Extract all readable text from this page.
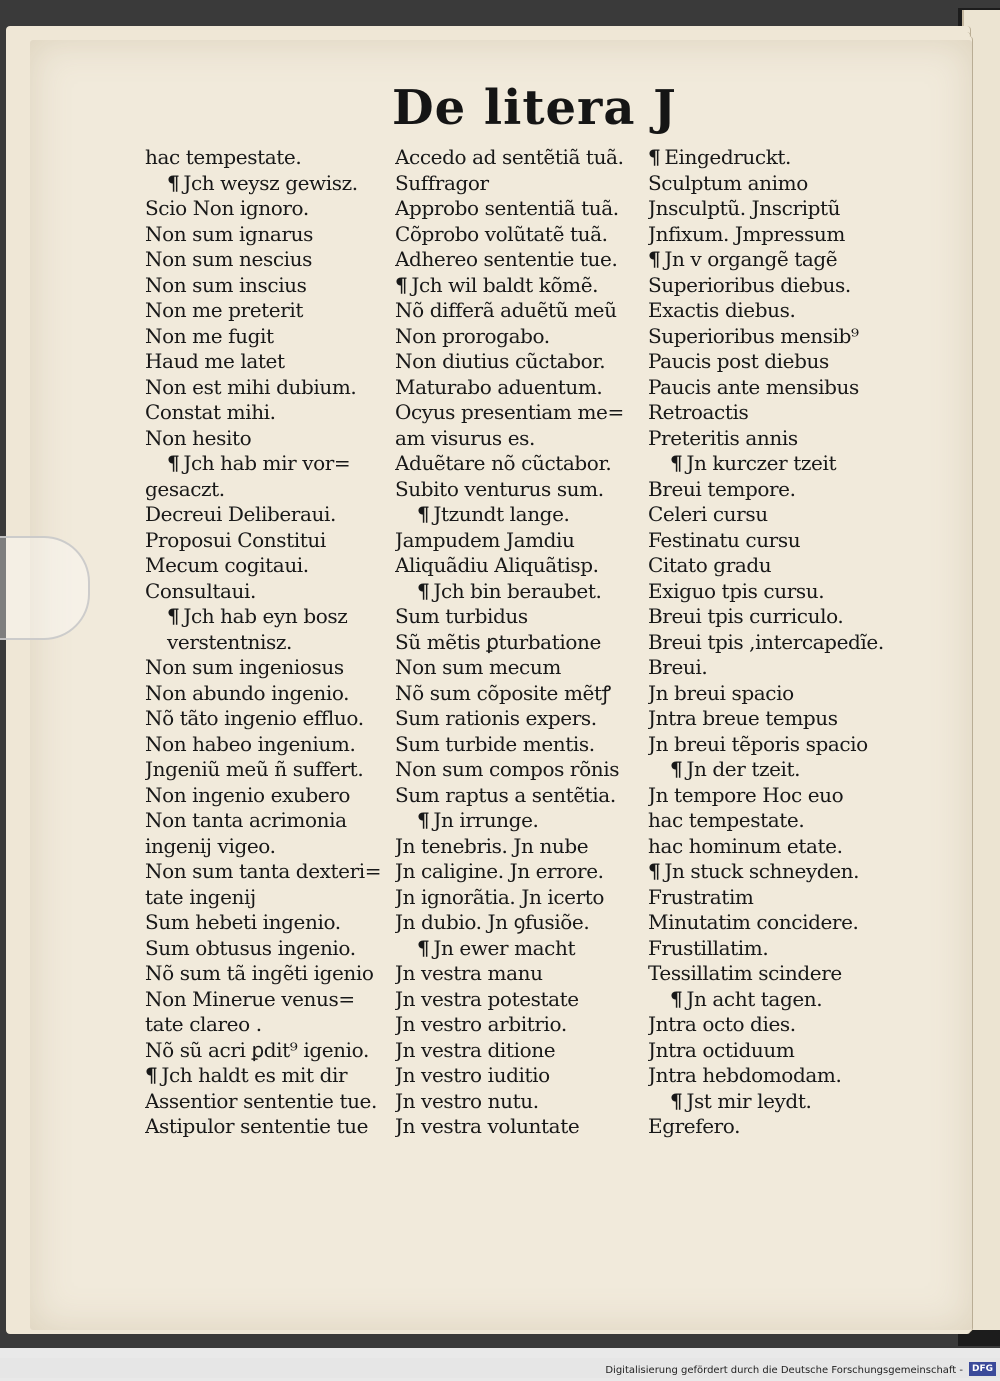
De litera J
hac tempestate.
¶ Jch weysz gewisz.
Scio Non ignoro.
Non sum ignarus
Non sum nescius
Non sum inscius
Non me preterit
Non me fugit
Haud me latet
Non est mihi dubium.
Constat mihi.
Non hesito
¶ Jch hab mir vor=
gesaczt.
Decreui Deliberaui.
Proposui Constitui
Mecum cogitaui.
Consultaui.
¶ Jch hab eyn bosz
verstentnisz.
Non sum ingeniosus
Non abundo ingenio.
Nõ tãto ingenio effluo.
Non habeo ingenium.
Jngeniũ meũ ñ suffert.
Non ingenio exubero
Non tanta acrimonia
ingenij vigeo.
Non sum tanta dexteri=
tate ingenij
Sum hebeti ingenio.
Sum obtusus ingenio.
Nõ sum tã ingẽti igenio
Non Minerue venus=
tate clareo .
Nõ sũ acri ꝑdit⁹ igenio.
¶ Jch haldt es mit dir
Assentior sententie tue.
Astipulor sententie tue
Accedo ad sentẽtiã tuã.
Suffragor
Approbo sententiã tuã.
Cõprobo volũtatẽ tuã.
Adhereo sententie tue.
¶ Jch wil baldt kõmẽ.
Nõ differã aduẽtũ meũ
Non prorogabo.
Non diutius cũctabor.
Maturabo aduentum.
Ocyus presentiam me=
am visurus es.
Aduẽtare nõ cũctabor.
Subito venturus sum.
¶ Jtzundt lange.
Jampudem Jamdiu
Aliquãdiu Aliquãtisp.
¶ Jch bin beraubet.
Sum turbidus
Sũ mẽtis ꝑturbatione
Non sum mecum
Nõ sum cõposite mẽtꝭ
Sum rationis expers.
Sum turbide mentis.
Non sum compos rõnis
Sum raptus a sentẽtia.
¶ Jn irrunge.
Jn tenebris. Jn nube
Jn caligine. Jn errore.
Jn ignorãtia. Jn icerto
Jn dubio. Jn ꝯfusiõe.
¶ Jn ewer macht
Jn vestra manu
Jn vestra potestate
Jn vestro arbitrio.
Jn vestra ditione
Jn vestro iuditio
Jn vestro nutu.
Jn vestra voluntate
¶ Eingedruckt.
Sculptum animo
Jnsculptũ. Jnscriptũ
Jnfixum. Jmpressum
¶ Jn v organgẽ tagẽ
Superioribus diebus.
Exactis diebus.
Superioribus mensib⁹
Paucis post diebus
Paucis ante mensibus
Retroactis
Preteritis annis
¶ Jn kurczer tzeit
Breui tempore.
Celeri cursu
Festinatu cursu
Citato gradu
Exiguo tpis cursu.
Breui tpis curriculo.
Breui tpis ,intercapedĩe.
Breui.
Jn breui spacio
Jntra breue tempus
Jn breui tẽporis spacio
¶ Jn der tzeit.
Jn tempore Hoc euo
hac tempestate.
hac hominum etate.
¶ Jn stuck schneyden.
Frustratim
Minutatim concidere.
Frustillatim.
Tessillatim scindere
¶ Jn acht tagen.
Jntra octo dies.
Jntra octiduum
Jntra hebdomodam.
¶ Jst mir leydt.
Egrefero.
Digitalisierung gefördert durch die Deutsche Forschungsgemeinschaft - DFG
